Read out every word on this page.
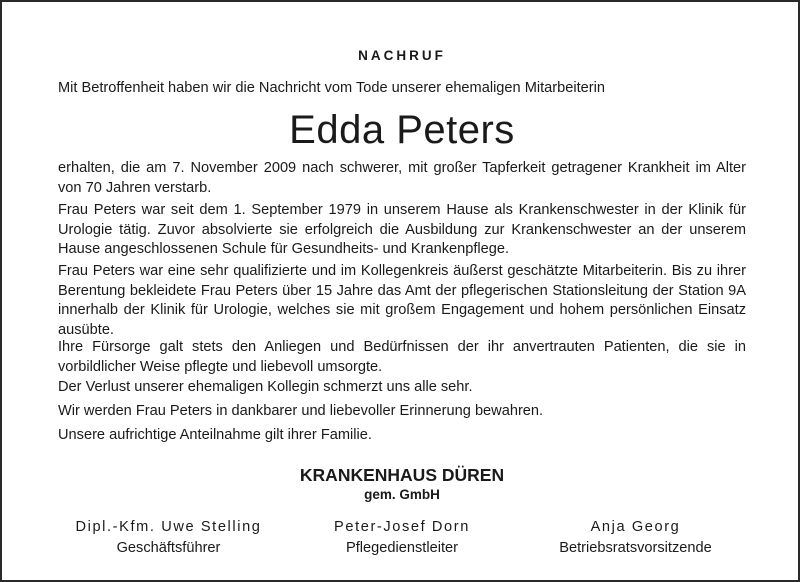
NACHRUF
Mit Betroffenheit haben wir die Nachricht vom Tode unserer ehemaligen Mitarbeiterin
Edda Peters

erhalten, die am 7. November 2009 nach schwerer, mit großer Tapferkeit getragener Krankheit im Alter von 70 Jahren verstarb.

Frau Peters war seit dem 1. September 1979 in unserem Hause als Krankenschwester in der Klinik für Urologie tätig. Zuvor absolvierte sie erfolgreich die Ausbildung zur Krankenschwester an der unserem Hause angeschlossenen Schule für Gesundheits- und Krankenpflege.

Frau Peters war eine sehr qualifizierte und im Kollegenkreis äußerst geschätzte Mitarbeiterin. Bis zu ihrer Berentung bekleidete Frau Peters über 15 Jahre das Amt der pflegerischen Stationsleitung der Station 9A innerhalb der Klinik für Urologie, welches sie mit großem Engagement und hohem persönlichen Einsatz ausübte.

Ihre Fürsorge galt stets den Anliegen und Bedürfnissen der ihr anvertrauten Patienten, die sie in vorbildlicher Weise pflegte und liebevoll umsorgte.

Der Verlust unserer ehemaligen Kollegin schmerzt uns alle sehr.

Wir werden Frau Peters in dankbarer und liebevoller Erinnerung bewahren.

Unsere aufrichtige Anteilnahme gilt ihrer Familie.

KRANKENHAUS DÜREN
gem. GmbH
Dipl.-Kfm. Uwe Stelling
Geschäftsführer
Peter-Josef Dorn
Pflegedienstleiter
Anja Georg
Betriebsratsvorsitzende
